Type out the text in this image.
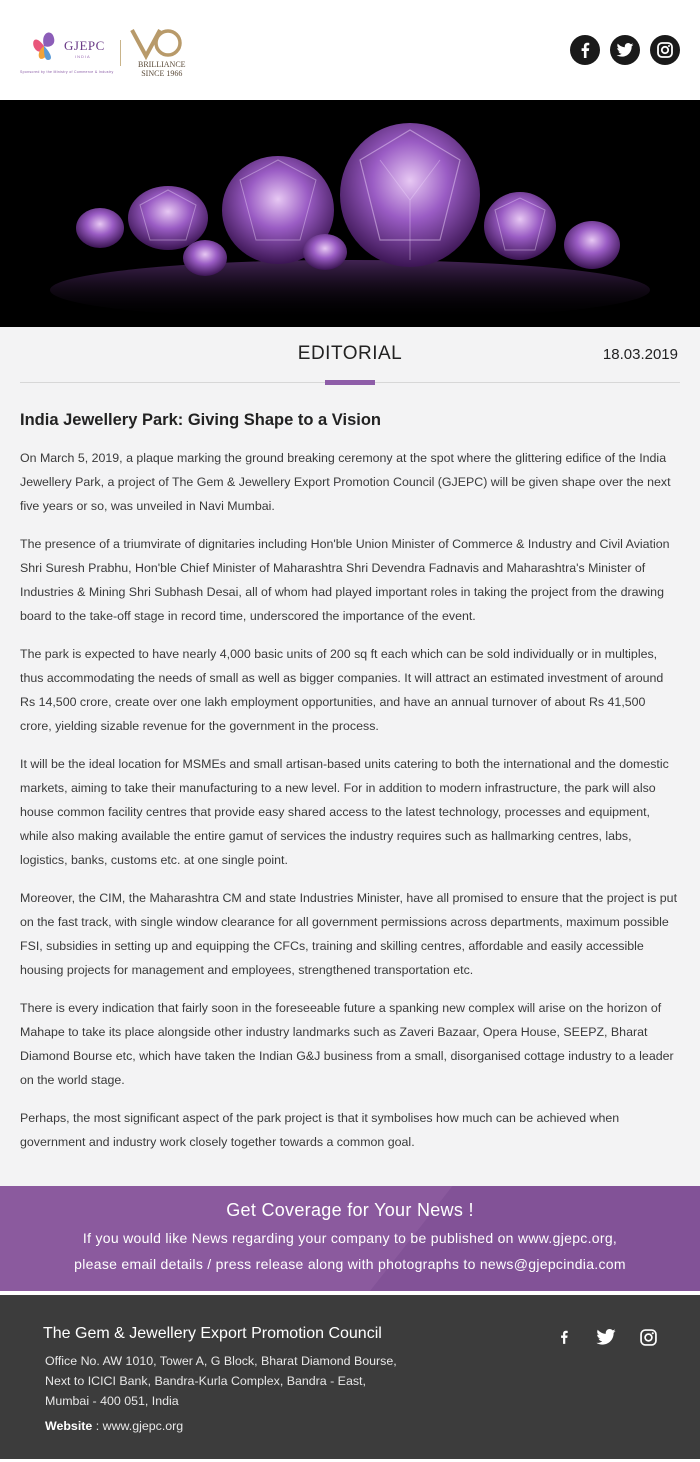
GJEPC
INDIA
Sponsored by the Ministry of Commerce & Industry
BRILLIANCE
SINCE 1966
EDITORIAL	18.03.2019
India Jewellery Park: Giving Shape to a Vision

On March 5, 2019, a plaque marking the ground breaking ceremony at the spot where the glittering edifice of the India Jewellery Park, a project of The Gem & Jewellery Export Promotion Council (GJEPC) will be given shape over the next five years or so, was unveiled in Navi Mumbai.

The presence of a triumvirate of dignitaries including Hon'ble Union Minister of Commerce & Industry and Civil Aviation Shri Suresh Prabhu, Hon'ble Chief Minister of Maharashtra Shri Devendra Fadnavis and Maharashtra's Minister of Industries & Mining Shri Subhash Desai, all of whom had played important roles in taking the project from the drawing board to the take-off stage in record time, underscored the importance of the event.

The park is expected to have nearly 4,000 basic units of 200 sq ft each which can be sold individually or in multiples, thus accommodating the needs of small as well as bigger companies. It will attract an estimated investment of around Rs 14,500 crore, create over one lakh employment opportunities, and have an annual turnover of about Rs 41,500 crore, yielding sizable revenue for the government in the process.

It will be the ideal location for MSMEs and small artisan-based units catering to both the international and the domestic markets, aiming to take their manufacturing to a new level. For in addition to modern infrastructure, the park will also house common facility centres that provide easy shared access to the latest technology, processes and equipment, while also making available the entire gamut of services the industry requires such as hallmarking centres, labs, logistics, banks, customs etc. at one single point.

Moreover, the CIM, the Maharashtra CM and state Industries Minister, have all promised to ensure that the project is put on the fast track, with single window clearance for all government permissions across departments, maximum possible FSI, subsidies in setting up and equipping the CFCs, training and skilling centres, affordable and easily accessible housing projects for management and employees, strengthened transportation etc.

There is every indication that fairly soon in the foreseeable future a spanking new complex will arise on the horizon of Mahape to take its place alongside other industry landmarks such as Zaveri Bazaar, Opera House, SEEPZ, Bharat Diamond Bourse etc, which have taken the Indian G&J business from a small, disorganised cottage industry to a leader on the world stage.

Perhaps, the most significant aspect of the park project is that it symbolises how much can be achieved when government and industry work closely together towards a common goal.

Get Coverage for Your News !
If you would like News regarding your company to be published on www.gjepc.org,
please email details / press release along with photographs to news@gjepcindia.com
The Gem & Jewellery Export Promotion Council
Office No. AW 1010, Tower A, G Block, Bharat Diamond Bourse,
Next to ICICI Bank, Bandra-Kurla Complex, Bandra - East,
Mumbai - 400 051, India
Website : www.gjepc.org
